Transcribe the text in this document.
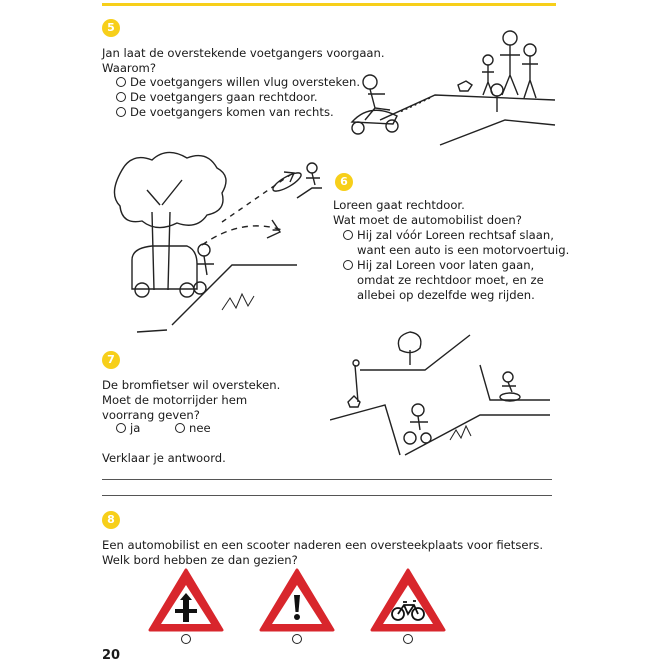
5
Jan laat de overstekende voetgangers voorgaan.
Waarom?
De voetgangers willen vlug oversteken.
De voetgangers gaan rechtdoor.
De voetgangers komen van rechts.
6
Loreen gaat rechtdoor.
Wat moet de automobilist doen?
Hij zal vóór Loreen rechtsaf slaan,
want een auto is een motorvoertuig.
Hij zal Loreen voor laten gaan,
omdat ze rechtdoor moet, en ze
allebei op dezelfde weg rijden.
7
De bromfietser wil oversteken.
Moet de motorrijder hem
voorrang geven?
ja	nee
Verklaar je antwoord.
8
Een automobilist en een scooter naderen een oversteekplaats voor fietsers.
Welk bord hebben ze dan gezien?
20
